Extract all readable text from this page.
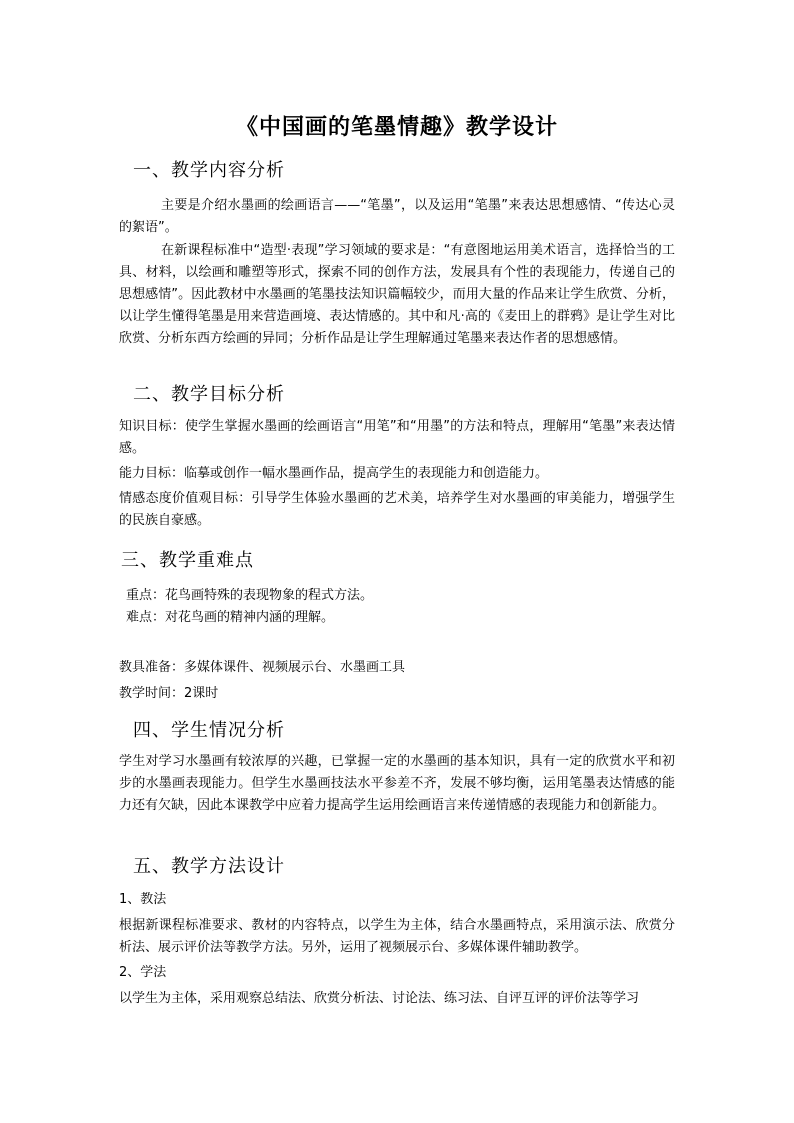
《中国画的笔墨情趣》教学设计
一、教学内容分析

主要是介绍水墨画的绘画语言——“笔墨”，以及运用“笔墨”来表达思想感情、“传达心灵的絮语”。

在新课程标准中“造型·表现”学习领域的要求是：“有意图地运用美术语言，选择恰当的工具、材料，以绘画和雕塑等形式，探索不同的创作方法，发展具有个性的表现能力，传递自己的思想感情”。因此教材中水墨画的笔墨技法知识篇幅较少，而用大量的作品来让学生欣赏、分析，以让学生懂得笔墨是用来营造画境、表达情感的。其中和凡·高的《麦田上的群鸦》是让学生对比欣赏、分析东西方绘画的异同；分析作品是让学生理解通过笔墨来表达作者的思想感情。

二、教学目标分析

知识目标：使学生掌握水墨画的绘画语言“用笔”和“用墨”的方法和特点，理解用“笔墨”来表达情感。

能力目标：临摹或创作一幅水墨画作品，提高学生的表现能力和创造能力。

情感态度价值观目标：引导学生体验水墨画的艺术美，培养学生对水墨画的审美能力，增强学生的民族自豪感。

三、教学重难点
重点：花鸟画特殊的表现物象的程式方法。
难点：对花鸟画的精神内涵的理解。
教具准备：多媒体课件、视频展示台、水墨画工具
教学时间：2课时
四、学生情况分析

学生对学习水墨画有较浓厚的兴趣，已掌握一定的水墨画的基本知识，具有一定的欣赏水平和初步的水墨画表现能力。但学生水墨画技法水平参差不齐，发展不够均衡，运用笔墨表达情感的能力还有欠缺，因此本课教学中应着力提高学生运用绘画语言来传递情感的表现能力和创新能力。

五、教学方法设计
1、教法

根据新课程标准要求、教材的内容特点，以学生为主体，结合水墨画特点，采用演示法、欣赏分析法、展示评价法等教学方法。另外，运用了视频展示台、多媒体课件辅助教学。

2、学法
以学生为主体，采用观察总结法、欣赏分析法、讨论法、练习法、自评互评的评价法等学习
